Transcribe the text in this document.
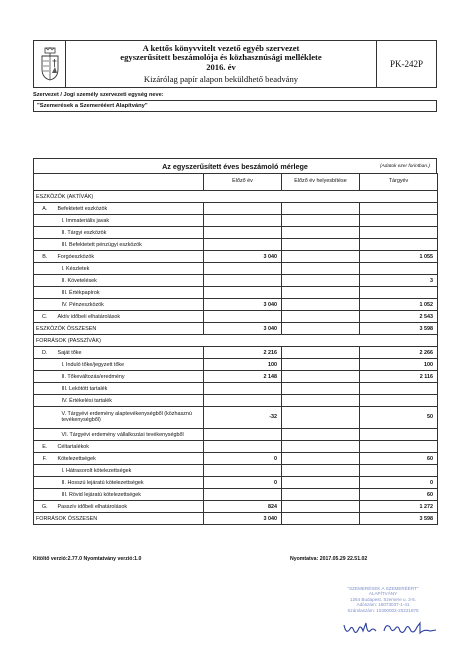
A kettős könyvvitelt vezető egyéb szervezet
egyszerűsített beszámolója és közhasznúsági melléklete
2016. év
Kizárólag papír alapon beküldhető beadvány
PK-242P
Szervezet / Jogi személy szervezeti egység neve:
"Szemerések a Szemerééert Alapítvány"
Az egyszerűsített éves beszámoló mérlege	(Adatok ezer forintban.)
		Előző év	Előző év helyesbítése	Tárgyév
ESZKÖZÖK (AKTÍVÁK)				
A.	Befektetett eszközök			
	I. Immateriális javak			
	II. Tárgyi eszközök			
	III. Befektetett pénzügyi eszközök			
B.	Forgóeszközök	3 040		1 055
	I. Készletek			
	II. Követelések			3
	III. Értékpapírok			
	IV. Pénzeszközök	3 040		1 052
C.	Aktív időbeli elhatárolások			2 543
ESZKÖZÖK ÖSSZESEN		3 040		3 598
FORRÁSOK (PASSZÍVÁK)				
D.	Saját tőke	2 216		2 266
	I. Induló tőke/jegyzett tőke	100		100
	II. Tőkeváltozás/eredmény	2 148		2 116
	III. Lekötött tartalék			
	IV. Értékelési tartalék			
	V. Tárgyévi erdemény alaptevékenységből (közhasznú tevékenységből)	-32		50
	VI. Tárgyévi erdemény vállalkozási tevékenységből			
E.	Céltartalékok			
F.	Kötelezettségek	0		60
	I. Hátrasorolt kötelezettségek			
	II. Hosszú lejáratú kötelezettségek	0		0
	III. Rövid lejáratú kötelezettségek			60
G.	Passzív időbeli elhatárolások	824		1 272
FORRÁSOK ÖSSZESEN		3 040		3 598
Kitöltő verzió:2.77.0 Nyomtatvány verzió:1.0	Nyomtatva: 2017.05.29 22.51.02
"SZEMERÉSEK A SZEMERÉÉRT"
ALAPÍTVÁNY
1264 Budapest, Szemere u. 3-5.
Adószám: 18073037-1-41
Számlaszám: 10300002-20221875
